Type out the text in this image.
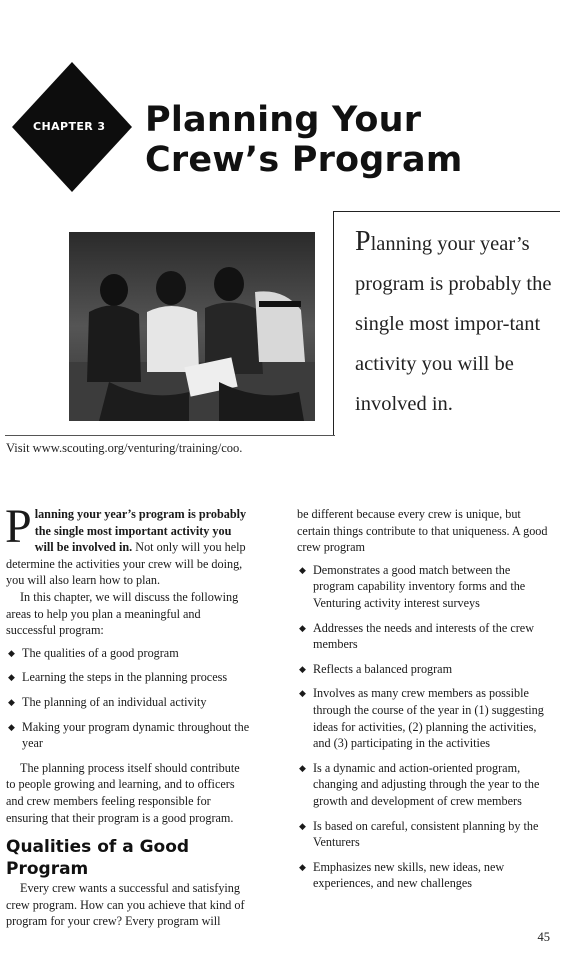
CHAPTER 3 Planning Your
Crew’s Program

Planning your year’s program is probably the single most impor-tant activity you will be involved in.

Visit www.scouting.org/venturing/training/coo.

Planning your year’s program is probably the single most important activity you will be involved in. Not only will you help determine the activities your crew will be doing, you will also learn how to plan.

In this chapter, we will discuss the following areas to help you plan a meaningful and successful program:

◆ The qualities of a good program
◆ Learning the steps in the planning process
◆ The planning of an individual activity
◆ Making your program dynamic throughout the year

The planning process itself should contribute to people growing and learning, and to officers and crew members feeling responsible for ensuring that their program is a good program.

Qualities of a Good Program

Every crew wants a successful and satisfying crew program. How can you achieve that kind of program for your crew? Every program will

be different because every crew is unique, but certain things contribute to that uniqueness. A good crew program

◆ Demonstrates a good match between the program capability inventory forms and the Venturing activity interest surveys
◆ Addresses the needs and interests of the crew members
◆ Reflects a balanced program
◆ Involves as many crew members as possible through the course of the year in (1) suggesting ideas for activities, (2) planning the activities, and (3) participating in the activities
◆ Is a dynamic and action-oriented program, changing and adjusting through the year to the growth and development of crew members
◆ Is based on careful, consistent planning by the Venturers
◆ Emphasizes new skills, new ideas, new experiences, and new challenges

45
